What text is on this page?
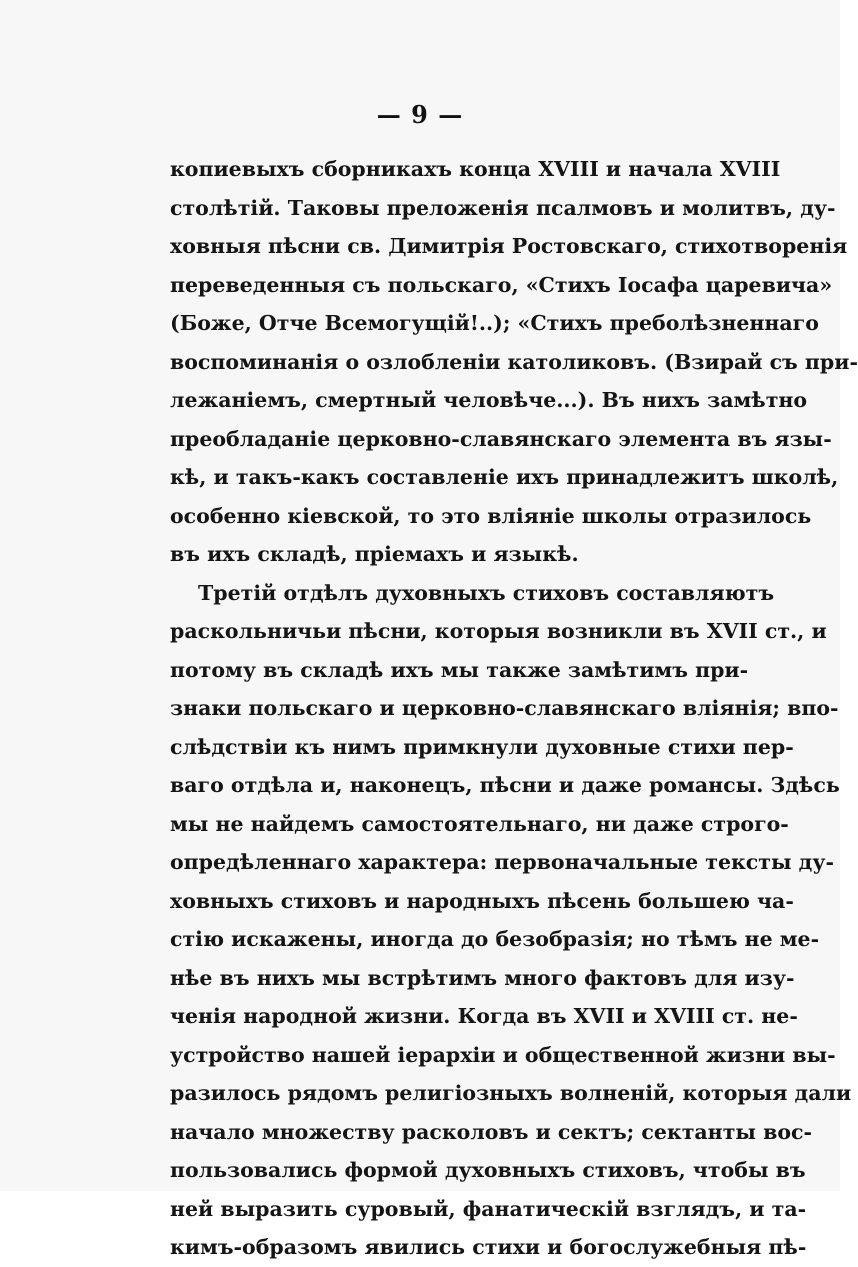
— 9 —
копиевыхъ сборникахъ конца XVIII и начала XVIII
столѣтій. Таковы преложенія псалмовъ и молитвъ, ду-
ховныя пѣсни св. Димитрія Ростовскаго, стихотворенія
переведенныя съ польскаго, «Стихъ Іосафа царевича»
(Боже, Отче Всемогущій!..); «Стихъ преболѣзненнаго
воспоминанія о озлобленіи католиковъ. (Взирай съ при-
лежаніемъ, смертный человѣче...). Въ нихъ замѣтно
преобладаніе церковно-славянскаго элемента въ язы-
кѣ, и такъ-какъ составленіе ихъ принадлежитъ школѣ,
особенно кіевской, то это вліяніе школы отразилось
въ ихъ складѣ, пріемахъ и языкѣ.
Третій отдѣлъ духовныхъ стиховъ составляютъ
раскольничьи пѣсни, которыя возникли въ XVII ст., и
потому въ складѣ ихъ мы также замѣтимъ при-
знаки польскаго и церковно-славянскаго вліянія; впо-
слѣдствіи къ нимъ примкнули духовные стихи пер-
ваго отдѣла и, наконецъ, пѣсни и даже романсы. Здѣсь
мы не найдемъ самостоятельнаго, ни даже строго-
опредѣленнаго характера: первоначальные тексты ду-
ховныхъ стиховъ и народныхъ пѣсень большею ча-
стію искажены, иногда до безобразія; но тѣмъ не ме-
нѣе въ нихъ мы встрѣтимъ много фактовъ для изу-
ченія народной жизни. Когда въ XVII и XVIII ст. не-
устройство нашей іерархіи и общественной жизни вы-
разилось рядомъ религіозныхъ волненій, которыя дали
начало множеству расколовъ и сектъ; сектанты вос-
пользовались формой духовныхъ стиховъ, чтобы въ
ней выразить суровый, фанатическій взглядъ, и та-
кимъ-образомъ явились стихи и богослужебныя пѣ-
